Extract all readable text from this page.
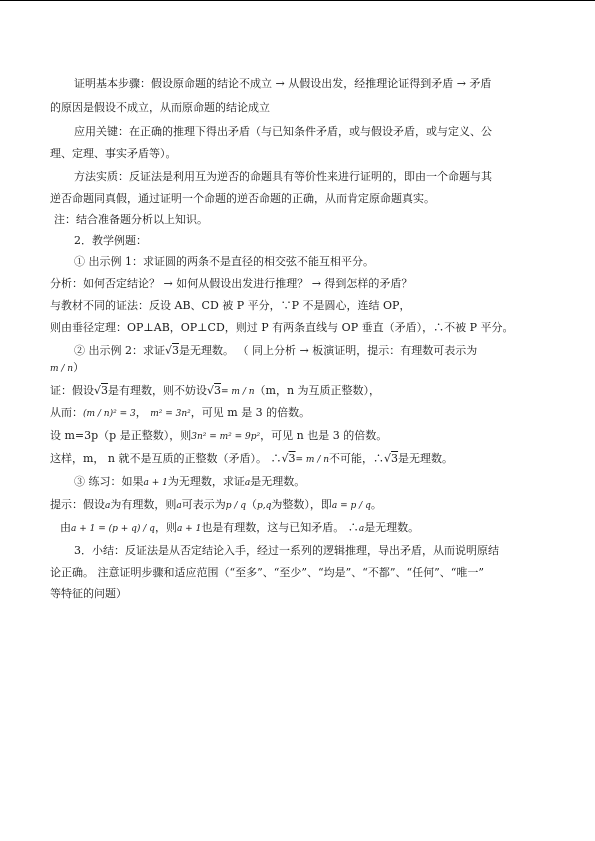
证明基本步骤：假设原命题的结论不成立 → 从假设出发，经推理论证得到矛盾 → 矛盾
的原因是假设不成立，从而原命题的结论成立
应用关键：在正确的推理下得出矛盾（与已知条件矛盾，或与假设矛盾，或与定义、公
理、定理、事实矛盾等）。
方法实质：反证法是利用互为逆否的命题具有等价性来进行证明的，即由一个命题与其
逆否命题同真假，通过证明一个命题的逆否命题的正确，从而肯定原命题真实。
注：结合准备题分析以上知识。
2．教学例题：
① 出示例 1：求证圆的两条不是直径的相交弦不能互相平分。
分析：如何否定结论？ → 如何从假设出发进行推理？ → 得到怎样的矛盾？
与教材不同的证法：反设 AB、CD 被 P 平分，∵P 不是圆心，连结 OP，
则由垂径定理：OP⊥AB，OP⊥CD，则过 P 有两条直线与 OP 垂直（矛盾），∴不被 P 平分。
② 出示例 2：求证√3是无理数。 （ 同上分析 → 板演证明，提示：有理数可表示为
m / n）
证：假设√3是有理数，则不妨设√3= m / n（m，n 为互质正整数），
从而：(m / n)² = 3， m² = 3n²，可见 m 是 3 的倍数。
设 m=3p（p 是正整数），则3n² = m² = 9p²，可见 n 也是 3 的倍数。
这样，m， n 就不是互质的正整数（矛盾）。 ∴√3= m / n不可能，∴√3是无理数。
③ 练习：如果a + 1为无理数，求证a是无理数。
提示：假设a为有理数，则a可表示为p / q（p,q为整数），即a = p / q。
由a + 1 = (p + q) / q，则a + 1也是有理数，这与已知矛盾。 ∴a是无理数。
3．小结：反证法是从否定结论入手，经过一系列的逻辑推理，导出矛盾，从而说明原结
论正确。 注意证明步骤和适应范围（“至多”、“至少”、“均是”、“不都”、“任何”、“唯一”
等特征的问题）
